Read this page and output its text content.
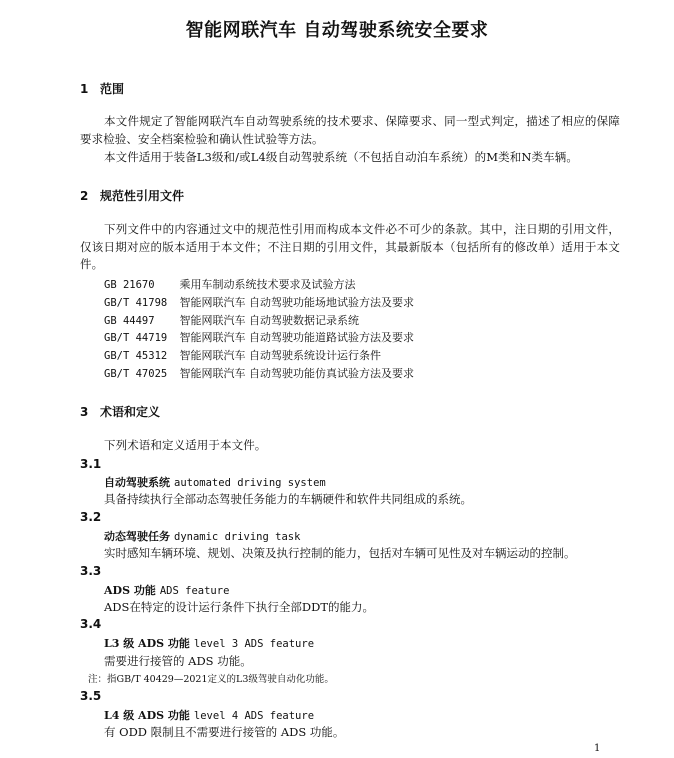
智能网联汽车 自动驾驶系统安全要求
1 范围
本文件规定了智能网联汽车自动驾驶系统的技术要求、保障要求、同一型式判定，描述了相应的保障要求检验、安全档案检验和确认性试验等方法。
本文件适用于装备L3级和/或L4级自动驾驶系统（不包括自动泊车系统）的M类和N类车辆。
2 规范性引用文件
下列文件中的内容通过文中的规范性引用而构成本文件必不可少的条款。其中，注日期的引用文件，仅该日期对应的版本适用于本文件；不注日期的引用文件，其最新版本（包括所有的修改单）适用于本文件。
GB 21670 乘用车制动系统技术要求及试验方法
GB/T 41798 智能网联汽车 自动驾驶功能场地试验方法及要求
GB 44497 智能网联汽车 自动驾驶数据记录系统
GB/T 44719 智能网联汽车 自动驾驶功能道路试验方法及要求
GB/T 45312 智能网联汽车 自动驾驶系统设计运行条件
GB/T 47025 智能网联汽车 自动驾驶功能仿真试验方法及要求
3 术语和定义
下列术语和定义适用于本文件。
3.1
自动驾驶系统 automated driving system
具备持续执行全部动态驾驶任务能力的车辆硬件和软件共同组成的系统。
3.2
动态驾驶任务 dynamic driving task
实时感知车辆环境、规划、决策及执行控制的能力，包括对车辆可见性及对车辆运动的控制。
3.3
ADS 功能 ADS feature
ADS在特定的设计运行条件下执行全部DDT的能力。
3.4
L3 级 ADS 功能 level 3 ADS feature
需要进行接管的 ADS 功能。
注：指GB/T 40429—2021定义的L3级驾驶自动化功能。
3.5
L4 级 ADS 功能 level 4 ADS feature
有 ODD 限制且不需要进行接管的 ADS 功能。
1
